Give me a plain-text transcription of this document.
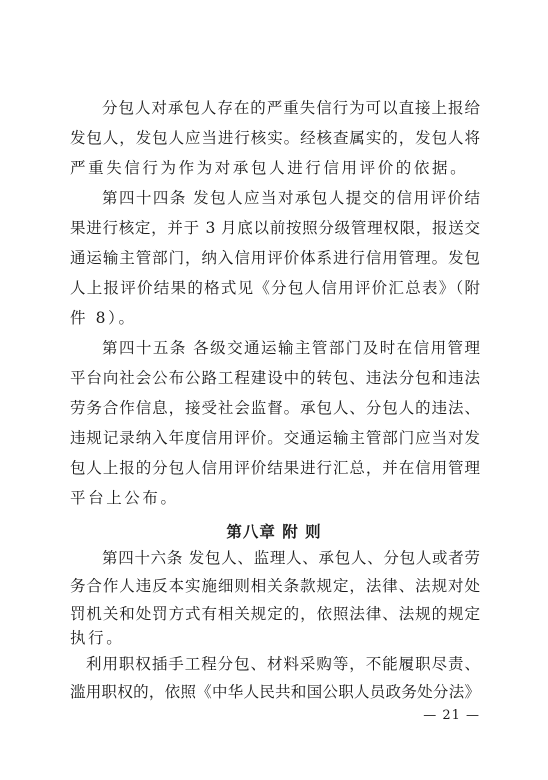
分包人对承包人存在的严重失信行为可以直接上报给
发包人，发包人应当进行核实。经核查属实的，发包人将
严重失信行为作为对承包人进行信用评价的依据。
第四十四条 发包人应当对承包人提交的信用评价结
果进行核定，并于 3 月底以前按照分级管理权限，报送交
通运输主管部门，纳入信用评价体系进行信用管理。发包
人上报评价结果的格式见《分包人信用评价汇总表》（附
件 8）。
第四十五条 各级交通运输主管部门及时在信用管理
平台向社会公布公路工程建设中的转包、违法分包和违法
劳务合作信息，接受社会监督。承包人、分包人的违法、
违规记录纳入年度信用评价。交通运输主管部门应当对发
包人上报的分包人信用评价结果进行汇总，并在信用管理
平台上公布。
第八章 附 则
第四十六条 发包人、监理人、承包人、分包人或者劳
务合作人违反本实施细则相关条款规定，法律、法规对处
罚机关和处罚方式有相关规定的，依照法律、法规的规定
执行。
利用职权插手工程分包、材料采购等，不能履职尽责、
— 21 —
滥用职权的，依照《中华人民共和国公职人员政务处分法》
